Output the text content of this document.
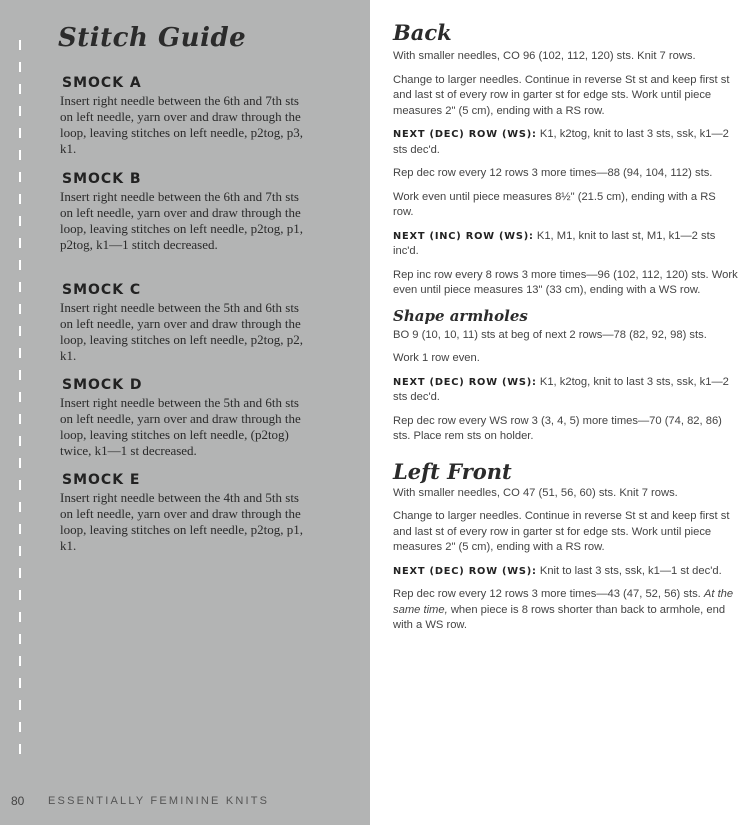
Stitch Guide
SMOCK A

Insert right needle between the 6th and 7th sts on left needle, yarn over and draw through the loop, leaving stitches on left needle, p2tog, p3, k1.

SMOCK B

Insert right needle between the 6th and 7th sts on left needle, yarn over and draw through the loop, leaving stitches on left needle, p2tog, p1, p2tog, k1—1 stitch decreased.

SMOCK C

Insert right needle between the 5th and 6th sts on left needle, yarn over and draw through the loop, leaving stitches on left needle, p2tog, p2, k1.

SMOCK D

Insert right needle between the 5th and 6th sts on left needle, yarn over and draw through the loop, leaving stitches on left needle, (p2tog) twice, k1—1 st decreased.

SMOCK E

Insert right needle between the 4th and 5th sts on left needle, yarn over and draw through the loop, leaving stitches on left needle, p2tog, p1, k1.

80 ESSENTIALLY FEMININE KNITS
Back

With smaller needles, CO 96 (102, 112, 120) sts. Knit 7 rows.

Change to larger needles. Continue in reverse St st and keep first st and last st of every row in garter st for edge sts. Work until piece measures 2" (5 cm), ending with a RS row.

NEXT (DEC) ROW (WS): K1, k2tog, knit to last 3 sts, ssk, k1—2 sts dec'd.

Rep dec row every 12 rows 3 more times—88 (94, 104, 112) sts.

Work even until piece measures 8½" (21.5 cm), ending with a RS row.

NEXT (INC) ROW (WS): K1, M1, knit to last st, M1, k1—2 sts inc'd.

Rep inc row every 8 rows 3 more times—96 (102, 112, 120) sts. Work even until piece measures 13" (33 cm), ending with a WS row.

Shape armholes

BO 9 (10, 10, 11) sts at beg of next 2 rows—78 (82, 92, 98) sts.

Work 1 row even.

NEXT (DEC) ROW (WS): K1, k2tog, knit to last 3 sts, ssk, k1—2 sts dec'd.

Rep dec row every WS row 3 (3, 4, 5) more times—70 (74, 82, 86) sts. Place rem sts on holder.

Left Front

With smaller needles, CO 47 (51, 56, 60) sts. Knit 7 rows.

Change to larger needles. Continue in reverse St st and keep first st and last st of every row in garter st for edge sts. Work until piece measures 2" (5 cm), ending with a RS row.

NEXT (DEC) ROW (WS): Knit to last 3 sts, ssk, k1—1 st dec'd.

Rep dec row every 12 rows 3 more times—43 (47, 52, 56) sts. At the same time, when piece is 8 rows shorter than back to armhole, end with a WS row.
